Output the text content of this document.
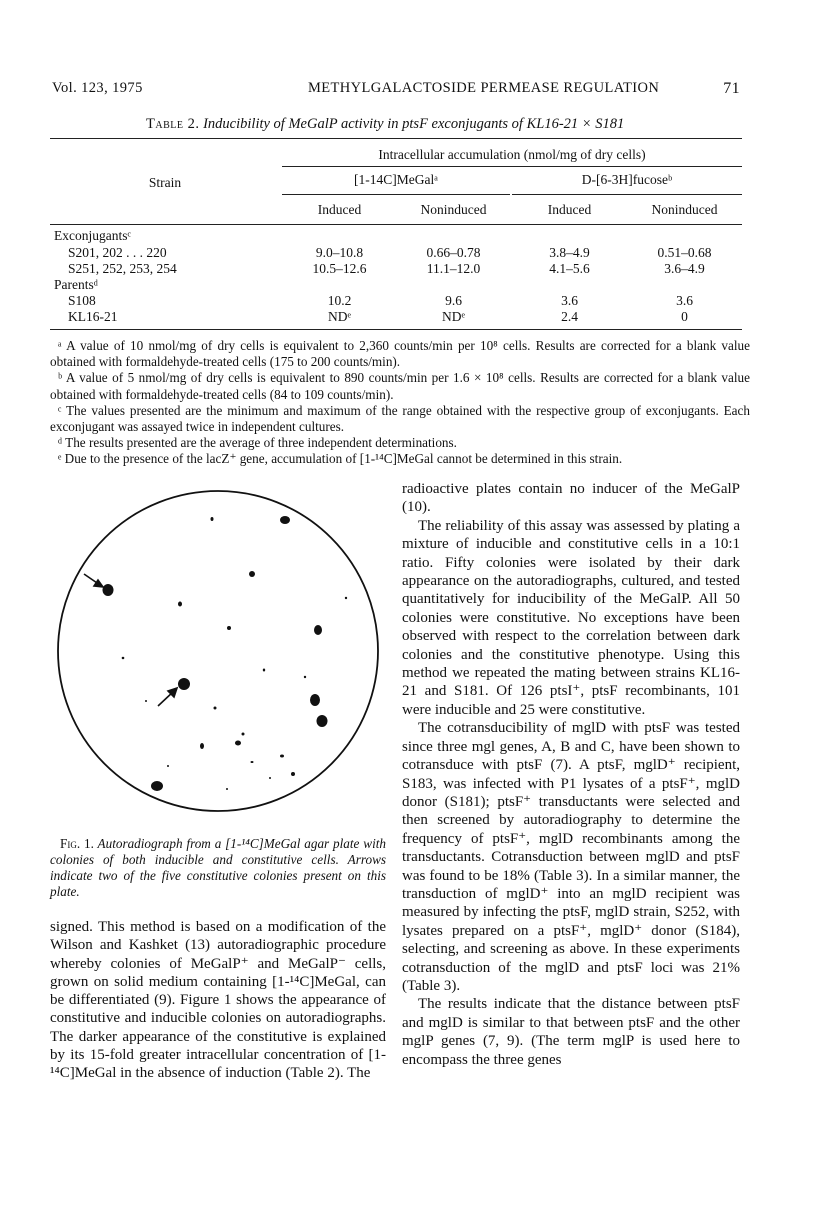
Vol. 123, 1975	METHYLGALACTOSIDE PERMEASE REGULATION	71
Table 2. Inducibility of MeGalP activity in ptsF exconjugants of KL16-21 × S181
Strain
Intracellular accumulation (nmol/mg of dry cells)
[1-14C]MeGalᵃ	D-[6-3H]fucoseᵇ
Induced	Noninduced	Induced	Noninduced
Exconjugantsᶜ
S201, 202 . . . 220	9.0–10.8	0.66–0.78	3.8–4.9	0.51–0.68
S251, 252, 253, 254	10.5–12.6	11.1–12.0	4.1–5.6	3.6–4.9
Parentsᵈ
S108	10.2	9.6	3.6	3.6
KL16-21	NDᵉ	NDᵉ	2.4	0

ᵃ A value of 10 nmol/mg of dry cells is equivalent to 2,360 counts/min per 10⁸ cells. Results are corrected for a blank value obtained with formaldehyde-treated cells (175 to 200 counts/min).

ᵇ A value of 5 nmol/mg of dry cells is equivalent to 890 counts/min per 1.6 × 10⁸ cells. Results are corrected for a blank value obtained with formaldehyde-treated cells (84 to 109 counts/min).

ᶜ The values presented are the minimum and maximum of the range obtained with the respective group of exconjugants. Each exconjugant was assayed twice in independent cultures.

ᵈ The results presented are the average of three independent determinations.

ᵉ Due to the presence of the lacZ⁺ gene, accumulation of [1-¹⁴C]MeGal cannot be determined in this strain.

Fig. 1. Autoradiograph from a [1-¹⁴C]MeGal agar plate with colonies of both inducible and constitutive cells. Arrows indicate two of the five constitutive colonies present on this plate.

signed. This method is based on a modification of the Wilson and Kashket (13) autoradiographic procedure whereby colonies of MeGalP⁺ and MeGalP⁻ cells, grown on solid medium containing [1-¹⁴C]MeGal, can be differentiated (9). Figure 1 shows the appearance of constitutive and inducible colonies on autoradiographs. The darker appearance of the constitutive is explained by its 15-fold greater intracellular concentration of [1-¹⁴C]MeGal in the absence of induction (Table 2). The

radioactive plates contain no inducer of the MeGalP (10).

The reliability of this assay was assessed by plating a mixture of inducible and constitutive cells in a 10:1 ratio. Fifty colonies were isolated by their dark appearance on the autoradiographs, cultured, and tested quantitatively for inducibility of the MeGalP. All 50 colonies were constitutive. No exceptions have been observed with respect to the correlation between dark colonies and the constitutive phenotype. Using this method we repeated the mating between strains KL16-21 and S181. Of 126 ptsI⁺, ptsF recombinants, 101 were inducible and 25 were constitutive.

The cotransducibility of mglD with ptsF was tested since three mgl genes, A, B and C, have been shown to cotransduce with ptsF (7). A ptsF, mglD⁺ recipient, S183, was infected with P1 lysates of a ptsF⁺, mglD donor (S181); ptsF⁺ transductants were selected and then screened by autoradiography to determine the frequency of ptsF⁺, mglD recombinants among the transductants. Cotransduction between mglD and ptsF was found to be 18% (Table 3). In a similar manner, the transduction of mglD⁺ into an mglD recipient was measured by infecting the ptsF, mglD strain, S252, with lysates prepared on a ptsF⁺, mglD⁺ donor (S184), selecting, and screening as above. In these experiments cotransduction of the mglD and ptsF loci was 21% (Table 3).

The results indicate that the distance between ptsF and mglD is similar to that between ptsF and the other mglP genes (7, 9). (The term mglP is used here to encompass the three genes
